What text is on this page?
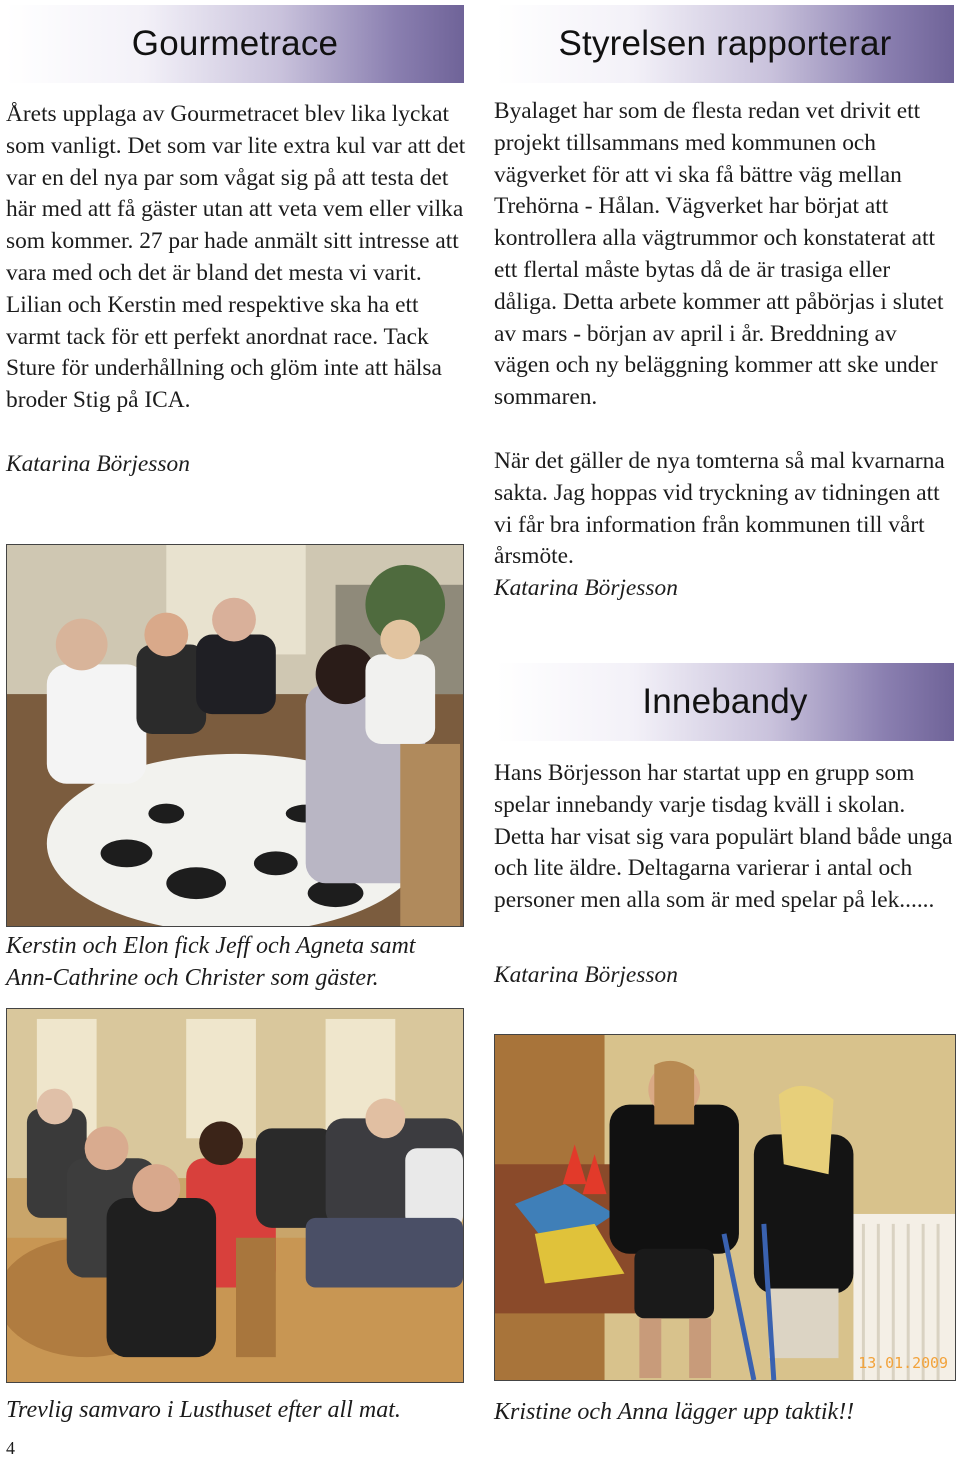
Gourmetrace

Årets upplaga av Gourmetracet blev lika lyckat som vanligt. Det som var lite extra kul var att det var en del nya par som vågat sig på att testa det här med att få gäster utan att veta vem eller vilka som kommer. 27 par hade anmält sitt intresse att vara med och det är bland det mesta vi varit. Lilian och Kerstin med respektive ska ha ett varmt tack för ett perfekt anordnat race. Tack Sture för underhållning och glöm inte att hälsa broder Stig på ICA.

Katarina Börjesson

Kerstin och Elon fick Jeff och Agneta samt
Ann-Cathrine och Christer som gäster.
Trevlig samvaro i Lusthuset efter all mat.
4
Styrelsen rapporterar

Byalaget har som de flesta redan vet drivit ett projekt tillsammans med kommunen och vägverket för att vi ska få bättre väg mellan Trehörna - Hålan. Vägverket har börjat att kontrollera alla vägtrummor och konstaterat att ett flertal måste bytas då de är trasiga eller dåliga. Detta arbete kommer att påbörjas i slutet av mars - början av april i år. Breddning av vägen och ny beläggning kommer att ske under sommaren.

När det gäller de nya tomterna så mal kvarnarna sakta. Jag hoppas vid tryckning av tidningen att vi får bra information från kommunen till vårt årsmöte.

Katarina Börjesson

Innebandy

Hans Börjesson har startat upp en grupp som spelar innebandy varje tisdag kväll i skolan. Detta har visat sig vara populärt bland både unga och lite äldre. Deltagarna varierar i antal och personer men alla som är med spelar på lek......

Katarina Börjesson

13.01.2009
Kristine och Anna lägger upp taktik!!
